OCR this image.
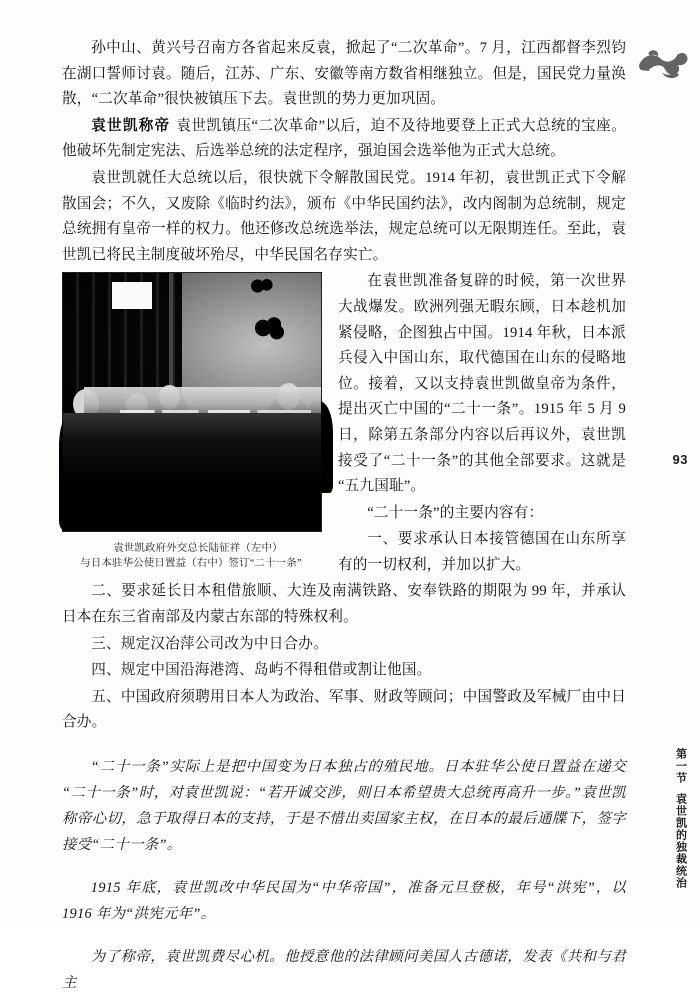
93
第一节
袁世凯的独裁统治

孙中山、黄兴号召南方各省起来反袁，掀起了“二次革命”。7 月，江西都督李烈钧在湖口誓师讨袁。随后，江苏、广东、安徽等南方数省相继独立。但是，国民党力量涣散，“二次革命”很快被镇压下去。袁世凯的势力更加巩固。

袁世凯称帝 袁世凯镇压“二次革命”以后，迫不及待地要登上正式大总统的宝座。他破坏先制定宪法、后选举总统的法定程序，强迫国会选举他为正式大总统。

袁世凯就任大总统以后，很快就下令解散国民党。1914 年初，袁世凯正式下令解散国会；不久，又废除《临时约法》，颁布《中华民国约法》，改内阁制为总统制，规定总统拥有皇帝一样的权力。他还修改总统选举法，规定总统可以无限期连任。至此，袁世凯已将民主制度破坏殆尽，中华民国名存实亡。

袁世凯政府外交总长陆征祥（左中）
与日本驻华公使日置益（右中）签订“二十一条”

在袁世凯准备复辟的时候，第一次世界大战爆发。欧洲列强无暇东顾，日本趁机加紧侵略，企图独占中国。1914 年秋，日本派兵侵入中国山东，取代德国在山东的侵略地位。接着，又以支持袁世凯做皇帝为条件，提出灭亡中国的“二十一条”。1915 年 5 月 9 日，除第五条部分内容以后再议外，袁世凯接受了“二十一条”的其他全部要求。这就是“五九国耻”。

“二十一条”的主要内容有：

一、要求承认日本接管德国在山东所享有的一切权利，并加以扩大。

二、要求延长日本租借旅顺、大连及南满铁路、安奉铁路的期限为 99 年，并承认日本在东三省南部及内蒙古东部的特殊权利。

三、规定汉冶萍公司改为中日合办。

四、规定中国沿海港湾、岛屿不得租借或割让他国。

五、中国政府须聘用日本人为政治、军事、财政等顾问；中国警政及军械厂由中日合办。

“二十一条”实际上是把中国变为日本独占的殖民地。日本驻华公使日置益在递交“二十一条”时，对袁世凯说：“若开诚交涉，则日本希望贵大总统再高升一步。”袁世凯称帝心切，急于取得日本的支持，于是不惜出卖国家主权，在日本的最后通牒下，签字接受“二十一条”。

1915 年底，袁世凯改中华民国为“中华帝国”，准备元旦登极，年号“洪宪”，以 1916 年为“洪宪元年”。

为了称帝，袁世凯费尽心机。他授意他的法律顾问美国人古德诺，发表《共和与君主
